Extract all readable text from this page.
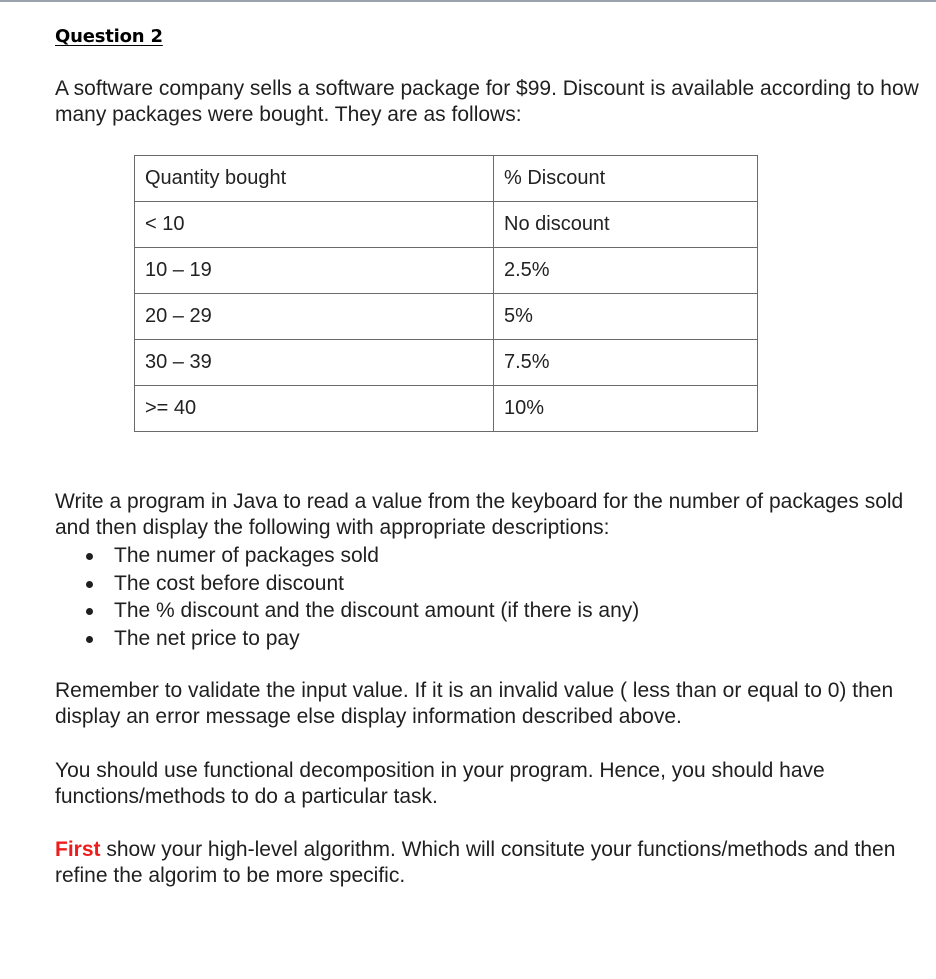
Question 2

A software company sells a software package for $99. Discount is available according to how many packages were bought. They are as follows:

Quantity bought	% Discount
< 10	No discount
10 – 19	2.5%
20 – 29	5%
30 – 39	7.5%
>= 40	10%

Write a program in Java to read a value from the keyboard for the number of packages sold and then display the following with appropriate descriptions:

The numer of packages sold
The cost before discount
The % discount and the discount amount (if there is any)
The net price to pay

Remember to validate the input value. If it is an invalid value ( less than or equal to 0) then display an error message else display information described above.

You should use functional decomposition in your program. Hence, you should have functions/methods to do a particular task.

First show your high-level algorithm. Which will consitute your functions/methods and then refine the algorim to be more specific.
